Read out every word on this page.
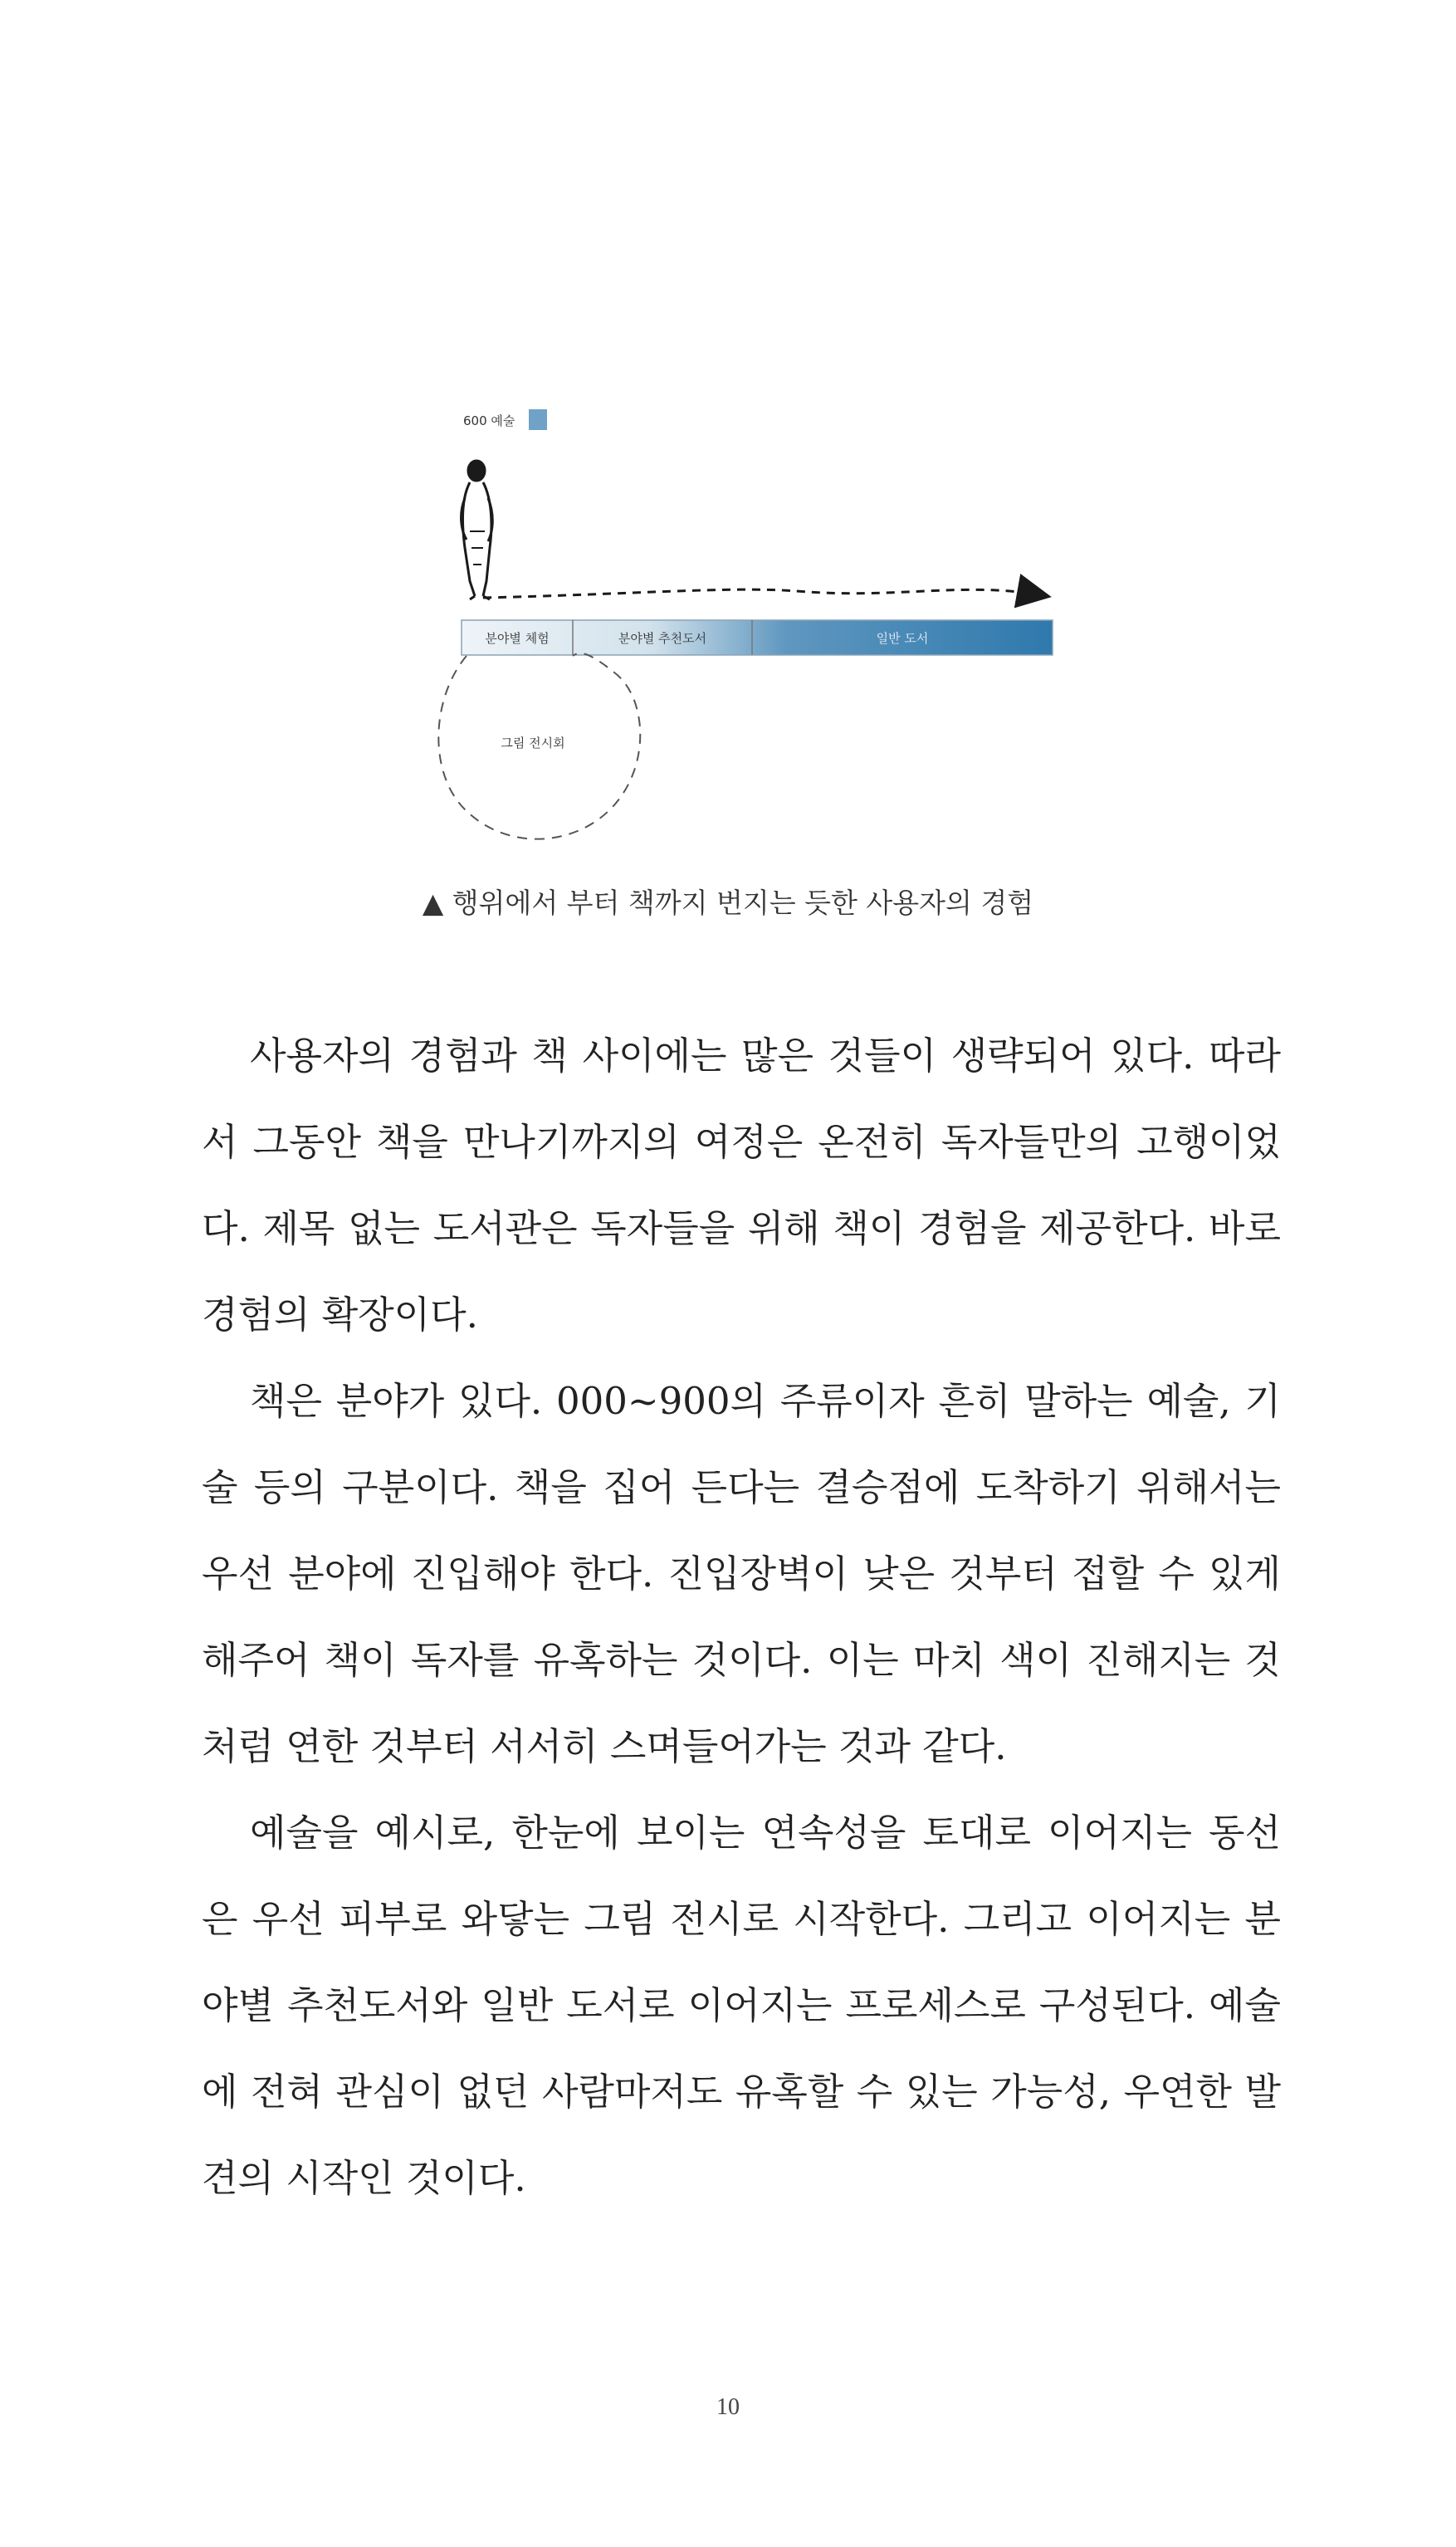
600 예술
분야별 체험	분야별 추천도서	일반 도서
그림 전시회
▲ 행위에서 부터 책까지 번지는 듯한 사용자의 경험

사용자의 경험과 책 사이에는 많은 것들이 생략되어 있다. 따라서 그동안 책을 만나기까지의 여정은 온전히 독자들만의 고행이었다. 제목 없는 도서관은 독자들을 위해 책이 경험을 제공한다. 바로 경험의 확장이다.

책은 분야가 있다. 000~900의 주류이자 흔히 말하는 예술, 기술 등의 구분이다. 책을 집어 든다는 결승점에 도착하기 위해서는 우선 분야에 진입해야 한다. 진입장벽이 낮은 것부터 접할 수 있게 해주어 책이 독자를 유혹하는 것이다. 이는 마치 색이 진해지는 것처럼 연한 것부터 서서히 스며들어가는 것과 같다.

예술을 예시로, 한눈에 보이는 연속성을 토대로 이어지는 동선은 우선 피부로 와닿는 그림 전시로 시작한다. 그리고 이어지는 분야별 추천도서와 일반 도서로 이어지는 프로세스로 구성된다. 예술에 전혀 관심이 없던 사람마저도 유혹할 수 있는 가능성, 우연한 발견의 시작인 것이다.

10
